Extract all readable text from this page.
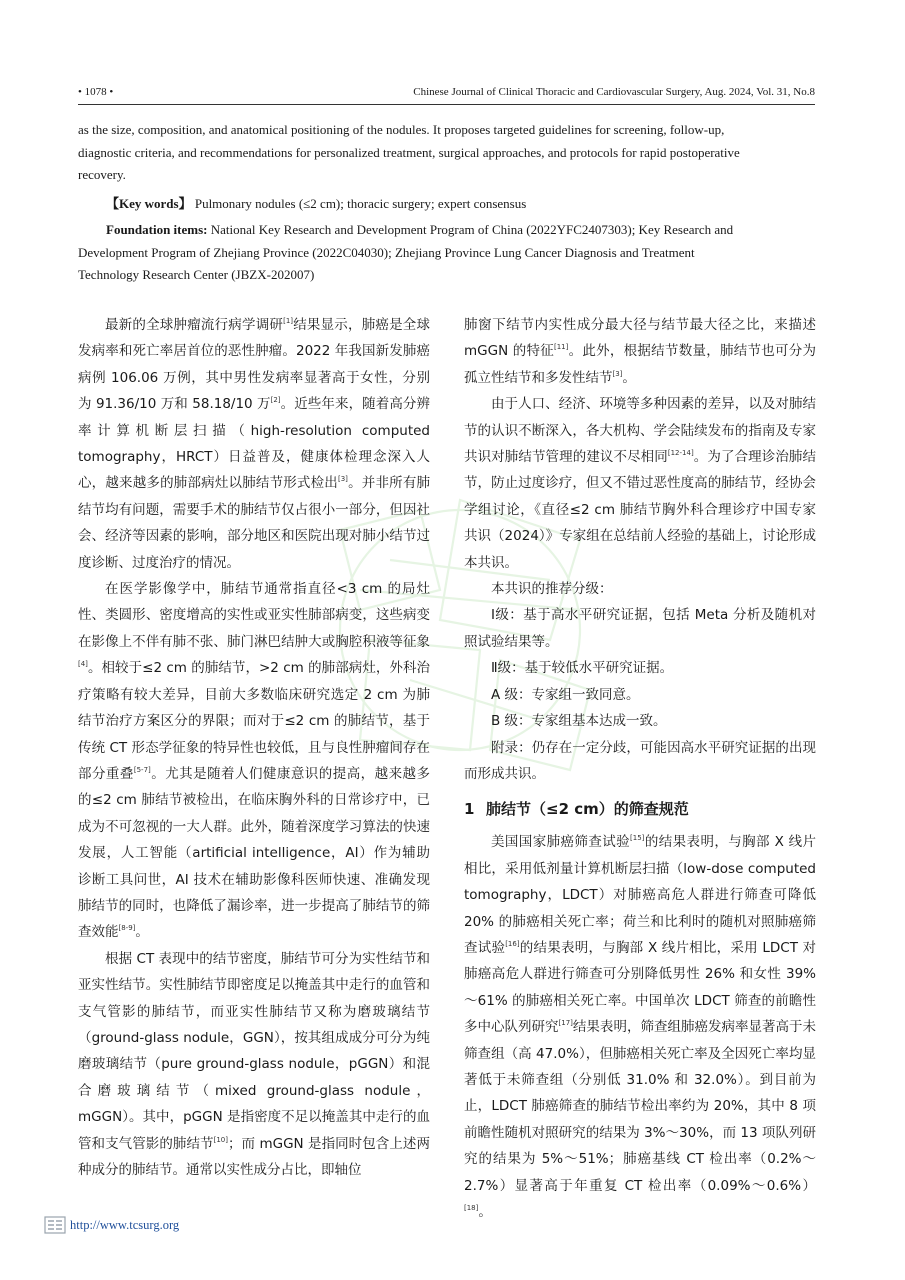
• 1078 •	Chinese Journal of Clinical Thoracic and Cardiovascular Surgery, Aug. 2024, Vol. 31, No.8

as the size, composition, and anatomical positioning of the nodules. It proposes targeted guidelines for screening, follow-up, diagnostic criteria, and recommendations for personalized treatment, surgical approaches, and protocols for rapid postoperative recovery.

【Key words】 Pulmonary nodules (≤2 cm); thoracic surgery; expert consensus

Foundation items: National Key Research and Development Program of China (2022YFC2407303); Key Research and Development Program of Zhejiang Province (2022C04030); Zhejiang Province Lung Cancer Diagnosis and Treatment Technology Research Center (JBZX-202007)

最新的全球肿瘤流行病学调研[1]结果显示，肺癌是全球发病率和死亡率居首位的恶性肿瘤。2022 年我国新发肺癌病例 106.06 万例，其中男性发病率显著高于女性，分别为 91.36/10 万和 58.18/10 万[2]。近些年来，随着高分辨率计算机断层扫描（high-resolution computed tomography，HRCT）日益普及，健康体检理念深入人心，越来越多的肺部病灶以肺结节形式检出[3]。并非所有肺结节均有问题，需要手术的肺结节仅占很小一部分，但因社会、经济等因素的影响，部分地区和医院出现对肺小结节过度诊断、过度治疗的情况。

在医学影像学中，肺结节通常指直径<3 cm 的局灶性、类圆形、密度增高的实性或亚实性肺部病变，这些病变在影像上不伴有肺不张、肺门淋巴结肿大或胸腔积液等征象[4]。相较于≤2 cm 的肺结节，>2 cm 的肺部病灶，外科治疗策略有较大差异，目前大多数临床研究选定 2 cm 为肺结节治疗方案区分的界限；而对于≤2 cm 的肺结节，基于传统 CT 形态学征象的特异性也较低，且与良性肿瘤间存在部分重叠[5-7]。尤其是随着人们健康意识的提高，越来越多的≤2 cm 肺结节被检出，在临床胸外科的日常诊疗中，已成为不可忽视的一大人群。此外，随着深度学习算法的快速发展，人工智能（artificial intelligence，AI）作为辅助诊断工具问世，AI 技术在辅助影像科医师快速、准确发现肺结节的同时，也降低了漏诊率，进一步提高了肺结节的筛查效能[8-9]。

根据 CT 表现中的结节密度，肺结节可分为实性结节和亚实性结节。实性肺结节即密度足以掩盖其中走行的血管和支气管影的肺结节，而亚实性肺结节又称为磨玻璃结节（ground-glass nodule，GGN），按其组成成分可分为纯磨玻璃结节（pure ground-glass nodule，pGGN）和混合磨玻璃结节（mixed ground-glass nodule，mGGN）。其中，pGGN 是指密度不足以掩盖其中走行的血管和支气管影的肺结节[10]；而 mGGN 是指同时包含上述两种成分的肺结节。通常以实性成分占比，即轴位

肺窗下结节内实性成分最大径与结节最大径之比，来描述 mGGN 的特征[11]。此外，根据结节数量，肺结节也可分为孤立性结节和多发性结节[3]。

由于人口、经济、环境等多种因素的差异，以及对肺结节的认识不断深入，各大机构、学会陆续发布的指南及专家共识对肺结节管理的建议不尽相同[12-14]。为了合理诊治肺结节，防止过度诊疗，但又不错过恶性度高的肺结节，经协会学组讨论，《直径≤2 cm 肺结节胸外科合理诊疗中国专家共识（2024）》专家组在总结前人经验的基础上，讨论形成本共识。

本共识的推荐分级：

Ⅰ级：基于高水平研究证据，包括 Meta 分析及随机对照试验结果等。

Ⅱ级：基于较低水平研究证据。

A 级：专家组一致同意。

B 级：专家组基本达成一致。

附录：仍存在一定分歧，可能因高水平研究证据的出现而形成共识。

1 肺结节（≤2 cm）的筛查规范

美国国家肺癌筛查试验[15]的结果表明，与胸部 X 线片相比，采用低剂量计算机断层扫描（low-dose computed tomography，LDCT）对肺癌高危人群进行筛查可降低 20% 的肺癌相关死亡率；荷兰和比利时的随机对照肺癌筛查试验[16]的结果表明，与胸部 X 线片相比，采用 LDCT 对肺癌高危人群进行筛查可分别降低男性 26% 和女性 39%～61% 的肺癌相关死亡率。中国单次 LDCT 筛查的前瞻性多中心队列研究[17]结果表明，筛查组肺癌发病率显著高于未筛查组（高 47.0%），但肺癌相关死亡率及全因死亡率均显著低于未筛查组（分别低 31.0% 和 32.0%）。到目前为止，LDCT 肺癌筛查的肺结节检出率约为 20%，其中 8 项前瞻性随机对照研究的结果为 3%～30%，而 13 项队列研究的结果为 5%～51%；肺癌基线 CT 检出率（0.2%～2.7%）显著高于年重复 CT 检出率（0.09%～0.6%）[18]。

http://www.tcsurg.org
